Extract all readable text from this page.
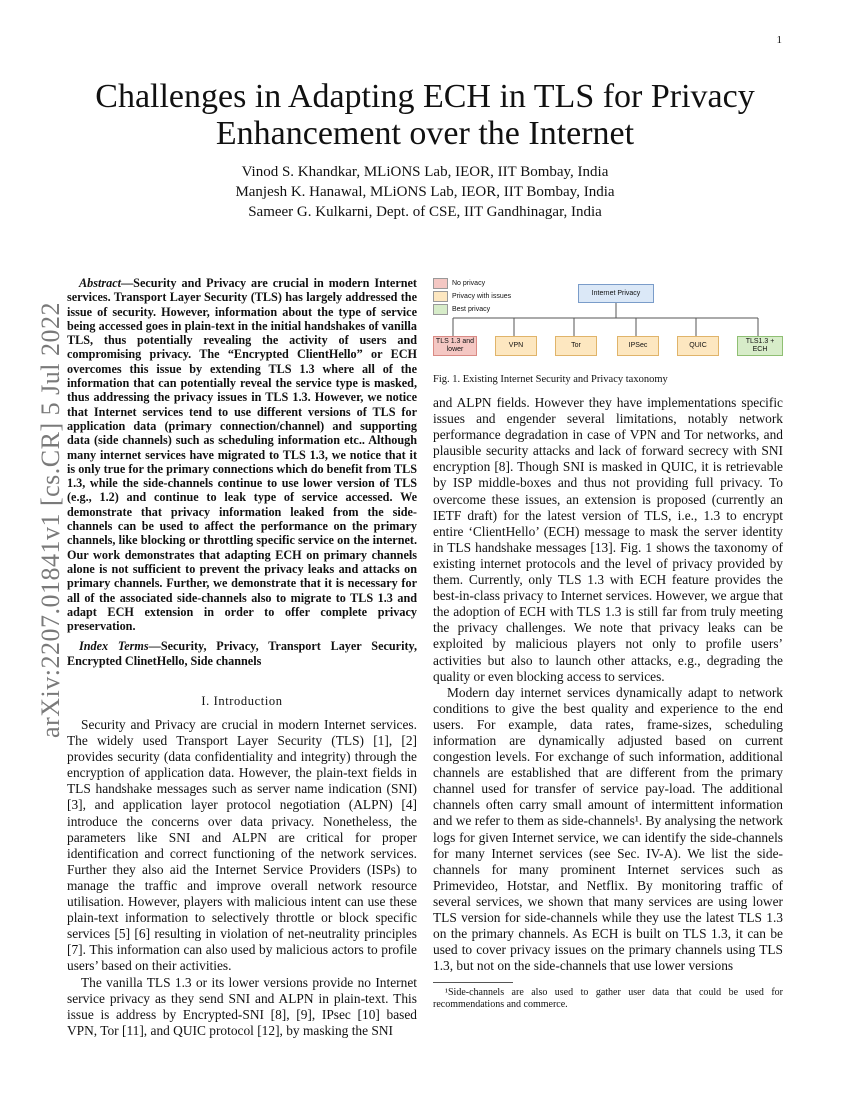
1
arXiv:2207.01841v1 [cs.CR] 5 Jul 2022
Challenges in Adapting ECH in TLS for Privacy Enhancement over the Internet
Vinod S. Khandkar, MLiONS Lab, IEOR, IIT Bombay, India
Manjesh K. Hanawal, MLiONS Lab, IEOR, IIT Bombay, India
Sameer G. Kulkarni, Dept. of CSE, IIT Gandhinagar, India

Abstract—Security and Privacy are crucial in modern Internet services. Transport Layer Security (TLS) has largely addressed the issue of security. However, information about the type of service being accessed goes in plain-text in the initial handshakes of vanilla TLS, thus potentially revealing the activity of users and compromising privacy. The “Encrypted ClientHello” or ECH overcomes this issue by extending TLS 1.3 where all of the information that can potentially reveal the service type is masked, thus addressing the privacy issues in TLS 1.3. However, we notice that Internet services tend to use different versions of TLS for application data (primary connection/channel) and supporting data (side channels) such as scheduling information etc.. Although many internet services have migrated to TLS 1.3, we notice that it is only true for the primary connections which do benefit from TLS 1.3, while the side-channels continue to use lower version of TLS (e.g., 1.2) and continue to leak type of service accessed. We demonstrate that privacy information leaked from the side-channels can be used to affect the performance on the primary channels, like blocking or throttling specific service on the internet. Our work demonstrates that adapting ECH on primary channels alone is not sufficient to prevent the privacy leaks and attacks on primary channels. Further, we demonstrate that it is necessary for all of the associated side-channels also to migrate to TLS 1.3 and adapt ECH extension in order to offer complete privacy preservation.

Index Terms—Security, Privacy, Transport Layer Security, Encrypted ClinetHello, Side channels

I. Introduction

Security and Privacy are crucial in modern Internet services. The widely used Transport Layer Security (TLS) [1], [2] provides security (data confidentiality and integrity) through the encryption of application data. However, the plain-text fields in TLS handshake messages such as server name indication (SNI) [3], and application layer protocol negotiation (ALPN) [4] introduce the concerns over data privacy. Nonetheless, the parameters like SNI and ALPN are critical for proper identification and correct functioning of the network services. Further they also aid the Internet Service Providers (ISPs) to manage the traffic and improve overall network resource utilisation. However, players with malicious intent can use these plain-text information to selectively throttle or block specific services [5] [6] resulting in violation of net-neutrality principles [7]. This information can also used by malicious actors to profile users’ based on their activities.

The vanilla TLS 1.3 or its lower versions provide no Internet service privacy as they send SNI and ALPN in plain-text. This issue is address by Encrypted-SNI [8], [9], IPsec [10] based VPN, Tor [11], and QUIC protocol [12], by masking the SNI

No privacy
Privacy with issues
Best privacy
Internet Privacy
TLS 1.3 and lower
VPN	Tor	IPSec	QUIC
TLS1.3 + ECH
Fig. 1. Existing Internet Security and Privacy taxonomy

and ALPN fields. However they have implementations specific issues and engender several limitations, notably network performance degradation in case of VPN and Tor networks, and plausible security attacks and lack of forward secrecy with SNI encryption [8]. Though SNI is masked in QUIC, it is retrievable by ISP middle-boxes and thus not providing full privacy. To overcome these issues, an extension is proposed (currently an IETF draft) for the latest version of TLS, i.e., 1.3 to encrypt entire ‘ClientHello’ (ECH) message to mask the server identity in TLS handshake messages [13]. Fig. 1 shows the taxonomy of existing internet protocols and the level of privacy provided by them. Currently, only TLS 1.3 with ECH feature provides the best-in-class privacy to Internet services. However, we argue that the adoption of ECH with TLS 1.3 is still far from truly meeting the privacy challenges. We note that privacy leaks can be exploited by malicious players not only to profile users’ activities but also to launch other attacks, e.g., degrading the quality or even blocking access to services.

Modern day internet services dynamically adapt to network conditions to give the best quality and experience to the end users. For example, data rates, frame-sizes, scheduling information are dynamically adjusted based on current congestion levels. For exchange of such information, additional channels are established that are different from the primary channel used for transfer of service pay-load. The additional channels often carry small amount of intermittent information and we refer to them as side-channels¹. By analysing the network logs for given Internet service, we can identify the side-channels for many Internet services (see Sec. IV-A). We list the side-channels for many prominent Internet services such as Primevideo, Hotstar, and Netflix. By monitoring traffic of several services, we shown that many services are using lower TLS version for side-channels while they use the latest TLS 1.3 on the primary channels. As ECH is built on TLS 1.3, it can be used to cover privacy issues on the primary channels using TLS 1.3, but not on the side-channels that use lower versions

¹Side-channels are also used to gather user data that could be used for recommendations and commerce.
